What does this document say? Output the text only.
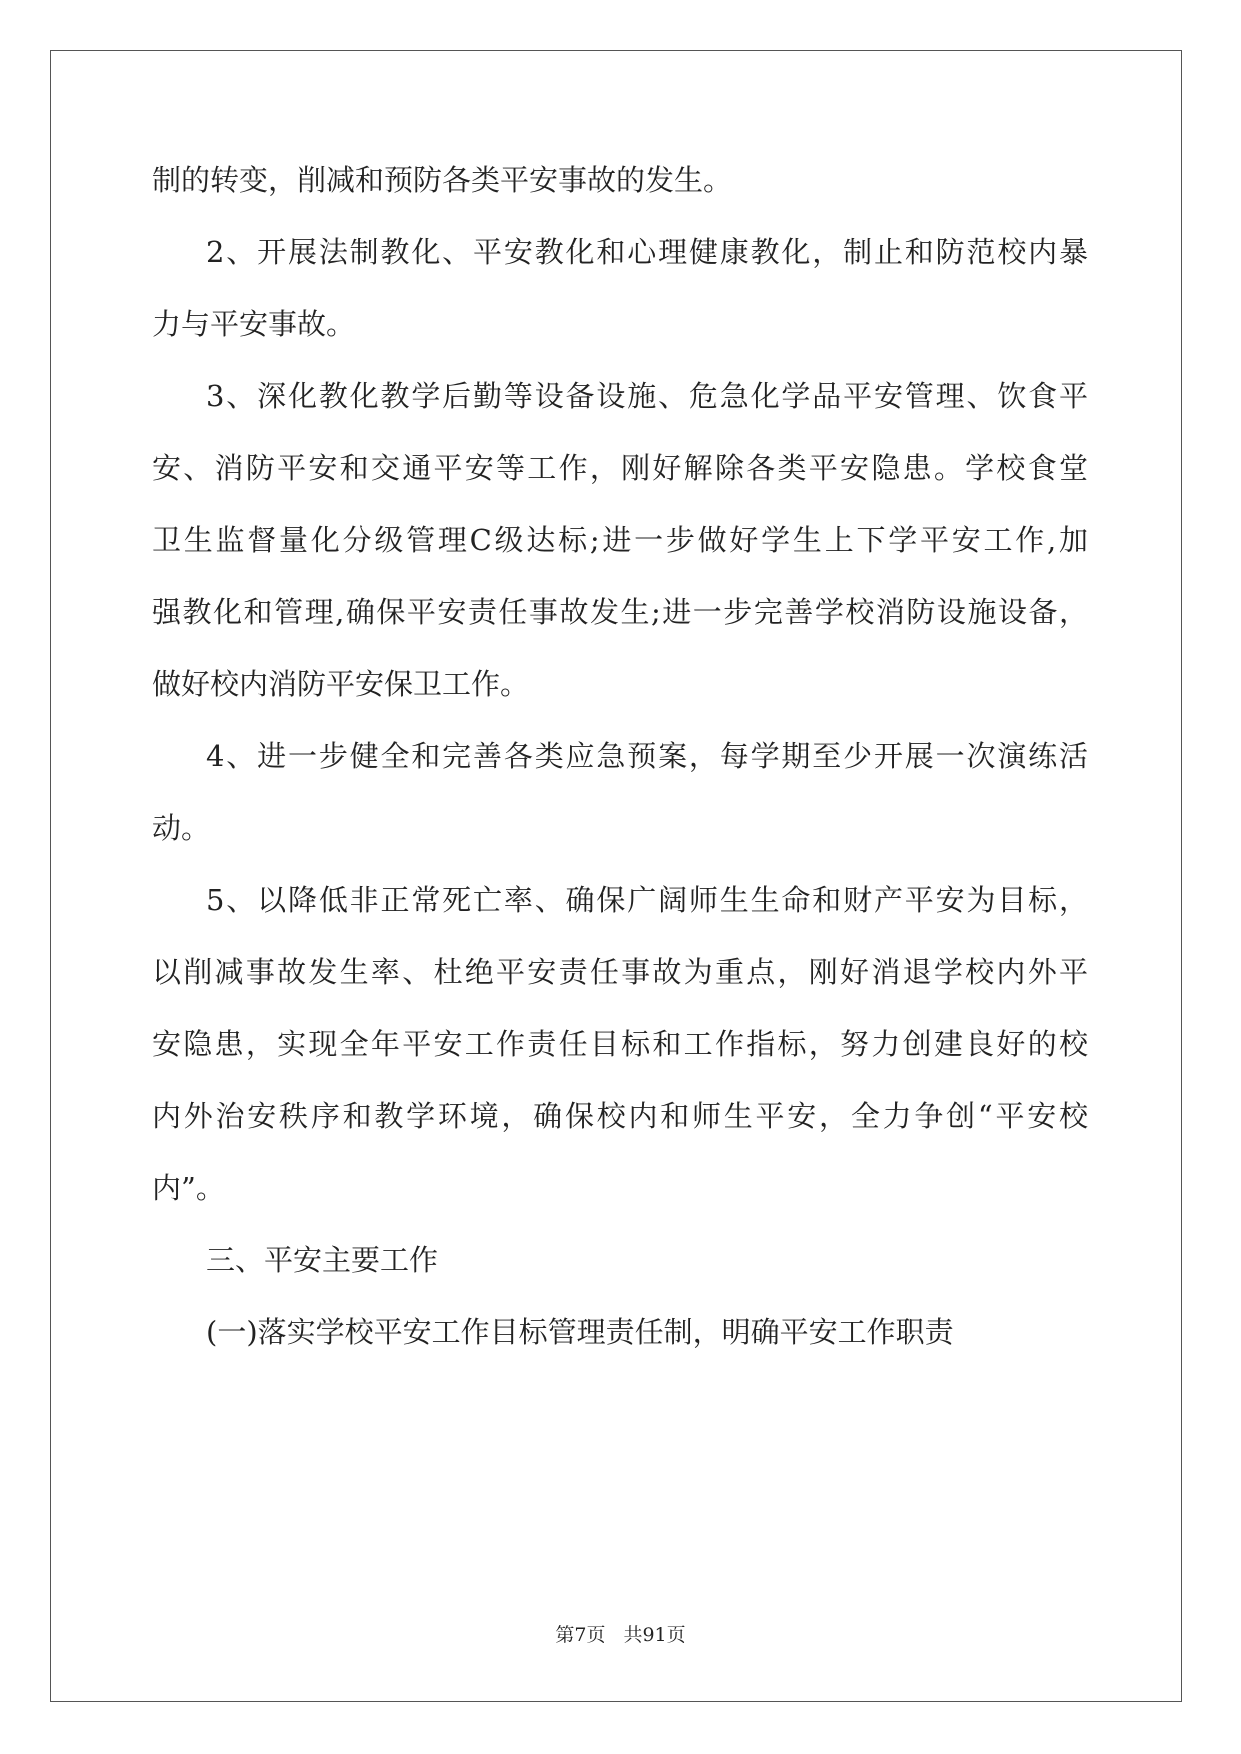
制的转变，削减和预防各类平安事故的发生。
2、开展法制教化、平安教化和心理健康教化，制止和防范校内暴
力与平安事故。
3、深化教化教学后勤等设备设施、危急化学品平安管理、饮食平
安、消防平安和交通平安等工作，刚好解除各类平安隐患。学校食堂
卫生监督量化分级管理C级达标;进一步做好学生上下学平安工作,加
强教化和管理,确保平安责任事故发生;进一步完善学校消防设施设备，
做好校内消防平安保卫工作。
4、进一步健全和完善各类应急预案，每学期至少开展一次演练活
动。
5、以降低非正常死亡率、确保广阔师生生命和财产平安为目标，
以削减事故发生率、杜绝平安责任事故为重点，刚好消退学校内外平
安隐患，实现全年平安工作责任目标和工作指标，努力创建良好的校
内外治安秩序和教学环境，确保校内和师生平安，全力争创“平安校
内”。
三、平安主要工作
(一)落实学校平安工作目标管理责任制，明确平安工作职责
第7页 共91页
